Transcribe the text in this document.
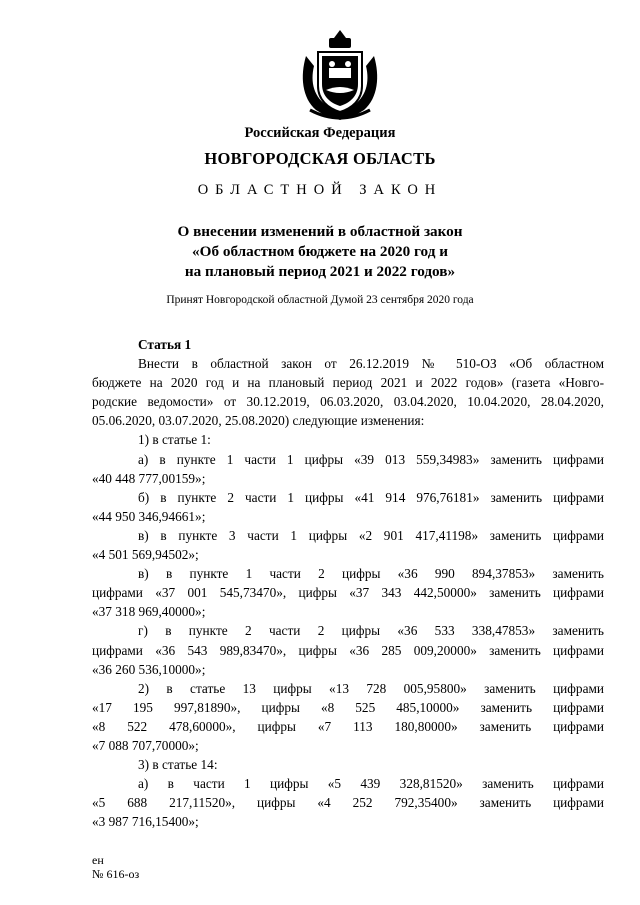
Российская Федерация
НОВГОРОДСКАЯ ОБЛАСТЬ
ОБЛАСТНОЙ ЗАКОН
О внесении изменений в областной закон
«Об областном бюджете на 2020 год и
на плановый период 2021 и 2022 годов»
Принят Новгородской областной Думой 23 сентября 2020 года
Статья 1
Внести в областной закон от 26.12.2019 № 510-ОЗ «Об областном
бюджете на 2020 год и на плановый период 2021 и 2022 годов» (газета «Новго-
родские ведомости» от 30.12.2019, 06.03.2020, 03.04.2020, 10.04.2020, 28.04.2020,
05.06.2020, 03.07.2020, 25.08.2020) следующие изменения:
1) в статье 1:
а) в пункте 1 части 1 цифры «39 013 559,34983» заменить цифрами
«40 448 777,00159»;
б) в пункте 2 части 1 цифры «41 914 976,76181» заменить цифрами
«44 950 346,94661»;
в) в пункте 3 части 1 цифры «2 901 417,41198» заменить цифрами
«4 501 569,94502»;
в) в пункте 1 части 2 цифры «36 990 894,37853» заменить
цифрами «37 001 545,73470», цифры «37 343 442,50000» заменить цифрами
«37 318 969,40000»;
г) в пункте 2 части 2 цифры «36 533 338,47853» заменить
цифрами «36 543 989,83470», цифры «36 285 009,20000» заменить цифрами
«36 260 536,10000»;
2) в статье 13 цифры «13 728 005,95800» заменить цифрами
«17 195 997,81890», цифры «8 525 485,10000» заменить цифрами
«8 522 478,60000», цифры «7 113 180,80000» заменить цифрами
«7 088 707,70000»;
3) в статье 14:
а) в части 1 цифры «5 439 328,81520» заменить цифрами
«5 688 217,11520», цифры «4 252 792,35400» заменить цифрами
«3 987 716,15400»;
ен
№ 616-оз
